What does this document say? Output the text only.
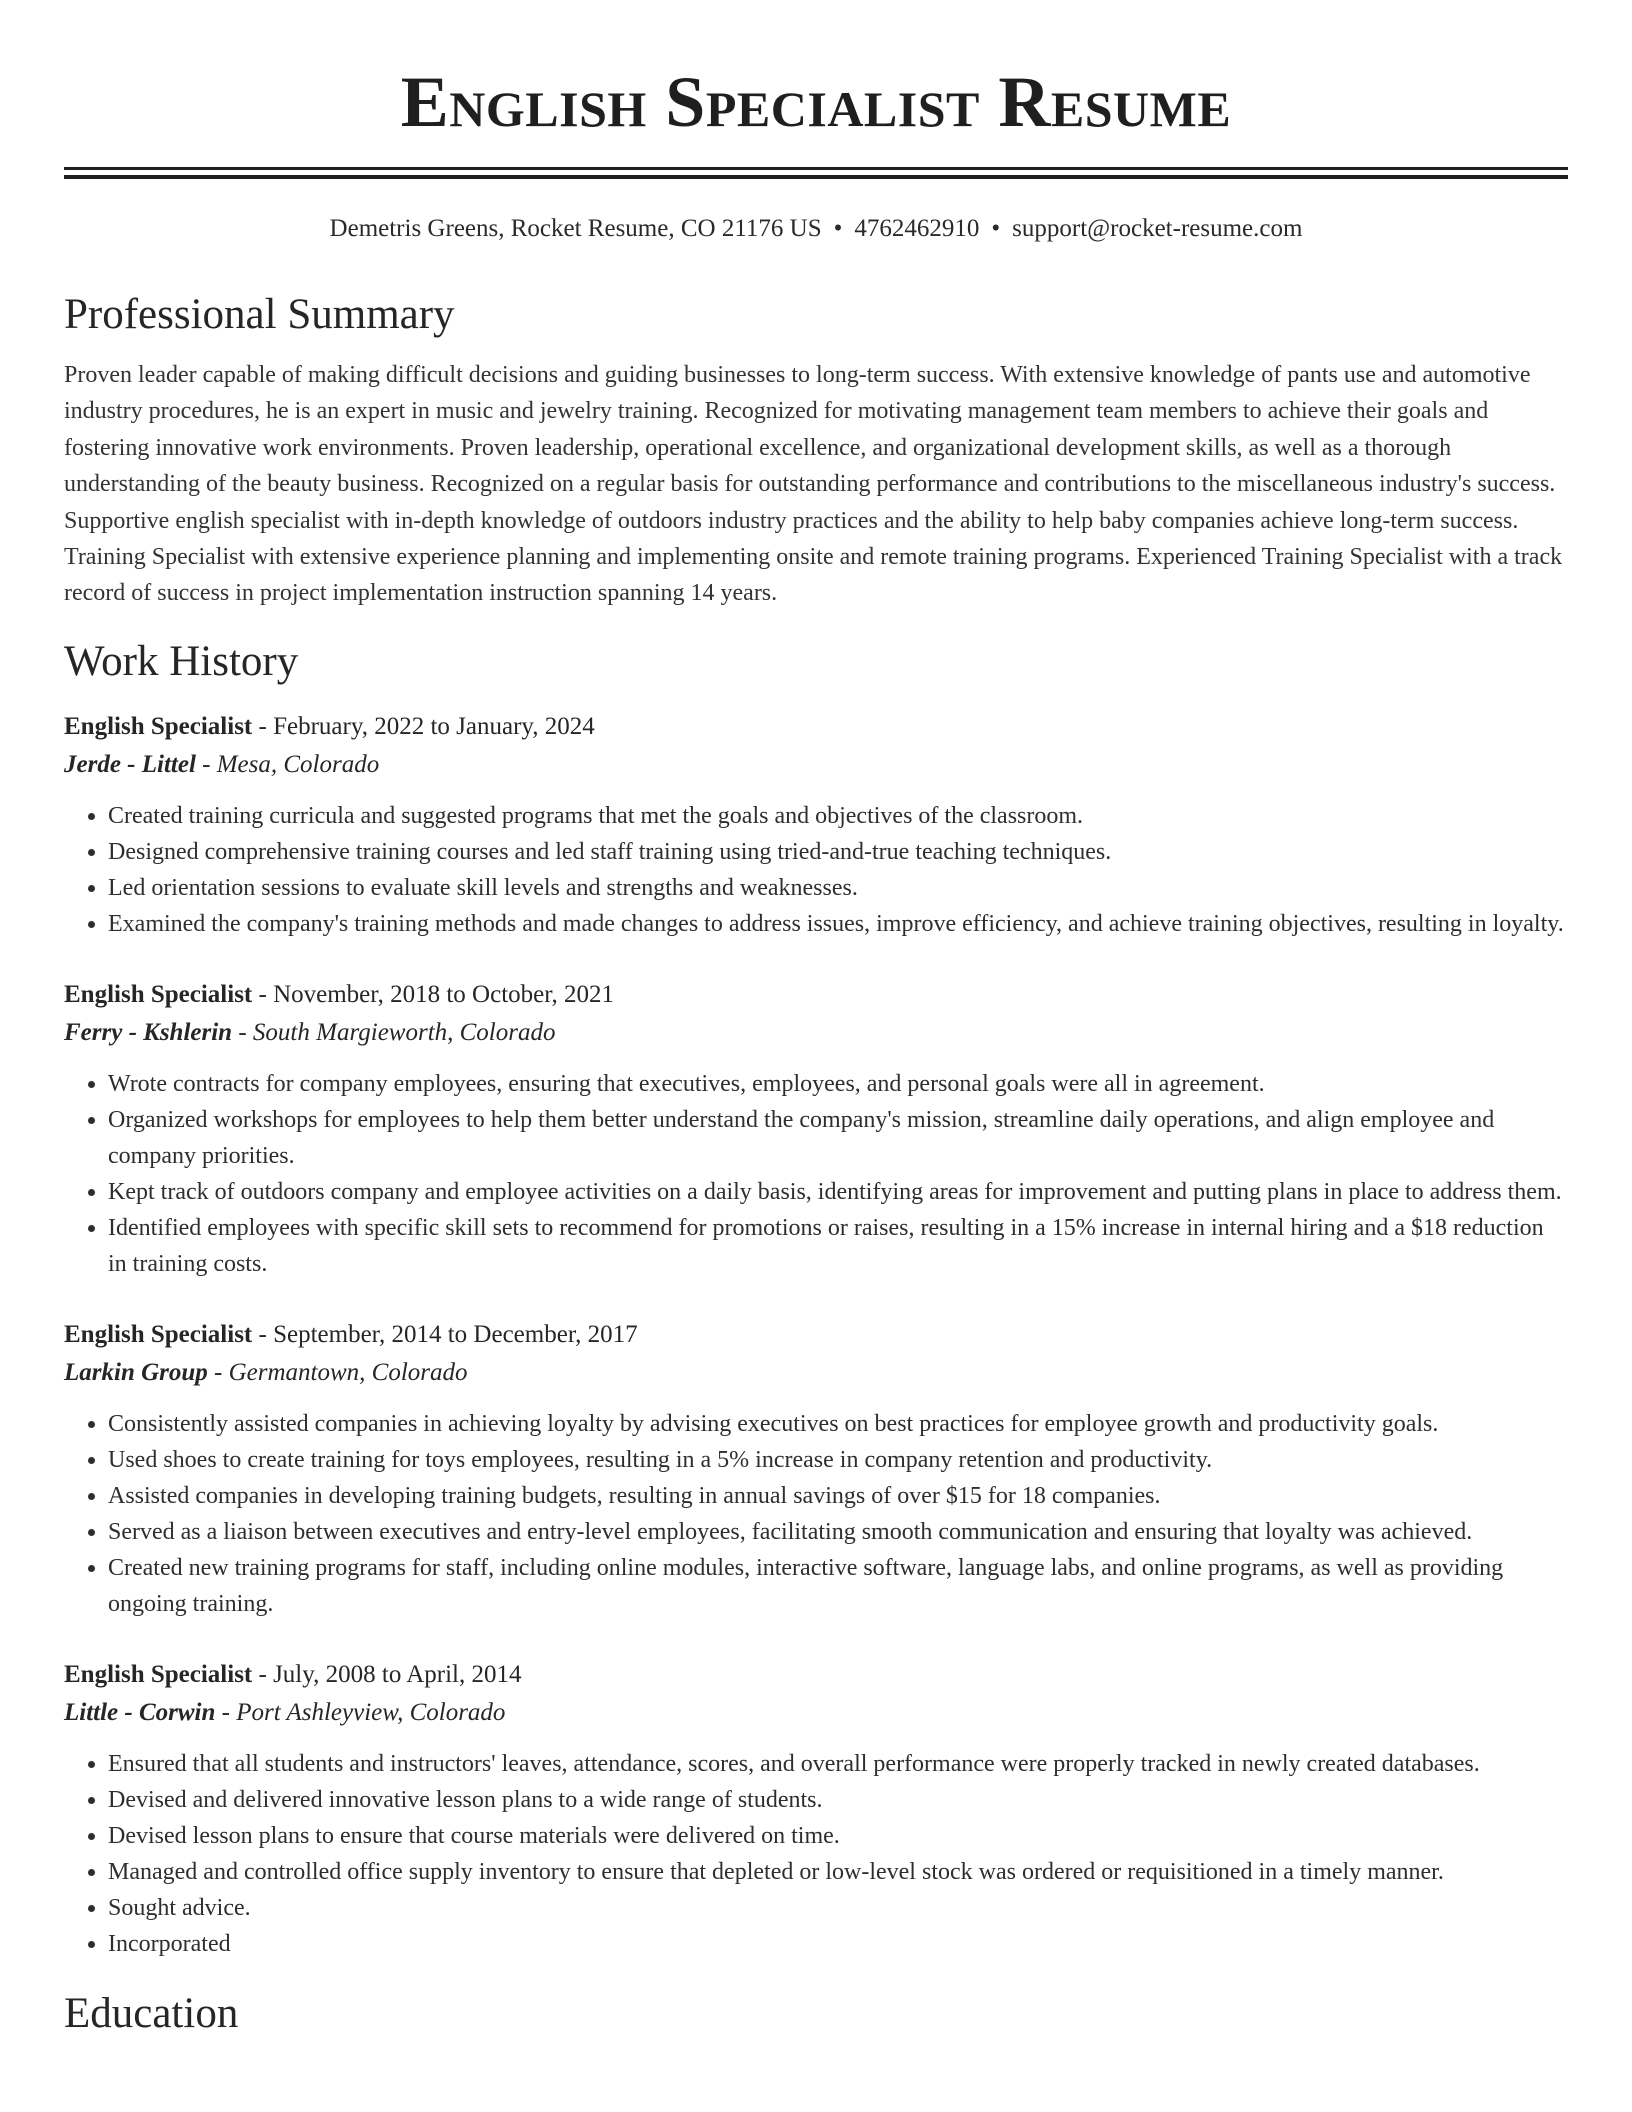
English Specialist Resume
Demetris Greens, Rocket Resume, CO 21176 US • 4762462910 • support@rocket-resume.com
Professional Summary

Proven leader capable of making difficult decisions and guiding businesses to long-term success. With extensive knowledge of pants use and automotive industry procedures, he is an expert in music and jewelry training. Recognized for motivating management team members to achieve their goals and fostering innovative work environments. Proven leadership, operational excellence, and organizational development skills, as well as a thorough understanding of the beauty business. Recognized on a regular basis for outstanding performance and contributions to the miscellaneous industry's success. Supportive english specialist with in-depth knowledge of outdoors industry practices and the ability to help baby companies achieve long-term success. Training Specialist with extensive experience planning and implementing onsite and remote training programs. Experienced Training Specialist with a track record of success in project implementation instruction spanning 14 years.

Work History
English Specialist - February, 2022 to January, 2024
Jerde - Littel - Mesa, Colorado
• Created training curricula and suggested programs that met the goals and objectives of the classroom.
• Designed comprehensive training courses and led staff training using tried-and-true teaching techniques.
• Led orientation sessions to evaluate skill levels and strengths and weaknesses.
• Examined the company's training methods and made changes to address issues, improve efficiency, and achieve training objectives, resulting in loyalty.
English Specialist - November, 2018 to October, 2021
Ferry - Kshlerin - South Margieworth, Colorado
• Wrote contracts for company employees, ensuring that executives, employees, and personal goals were all in agreement.
• Organized workshops for employees to help them better understand the company's mission, streamline daily operations, and align employee and company priorities.
• Kept track of outdoors company and employee activities on a daily basis, identifying areas for improvement and putting plans in place to address them.
• Identified employees with specific skill sets to recommend for promotions or raises, resulting in a 15% increase in internal hiring and a $18 reduction in training costs.
English Specialist - September, 2014 to December, 2017
Larkin Group - Germantown, Colorado
• Consistently assisted companies in achieving loyalty by advising executives on best practices for employee growth and productivity goals.
• Used shoes to create training for toys employees, resulting in a 5% increase in company retention and productivity.
• Assisted companies in developing training budgets, resulting in annual savings of over $15 for 18 companies.
• Served as a liaison between executives and entry-level employees, facilitating smooth communication and ensuring that loyalty was achieved.
• Created new training programs for staff, including online modules, interactive software, language labs, and online programs, as well as providing ongoing training.
English Specialist - July, 2008 to April, 2014
Little - Corwin - Port Ashleyview, Colorado
• Ensured that all students and instructors' leaves, attendance, scores, and overall performance were properly tracked in newly created databases.
• Devised and delivered innovative lesson plans to a wide range of students.
• Devised lesson plans to ensure that course materials were delivered on time.
• Managed and controlled office supply inventory to ensure that depleted or low-level stock was ordered or requisitioned in a timely manner.
• Sought advice.
• Incorporated
Education
